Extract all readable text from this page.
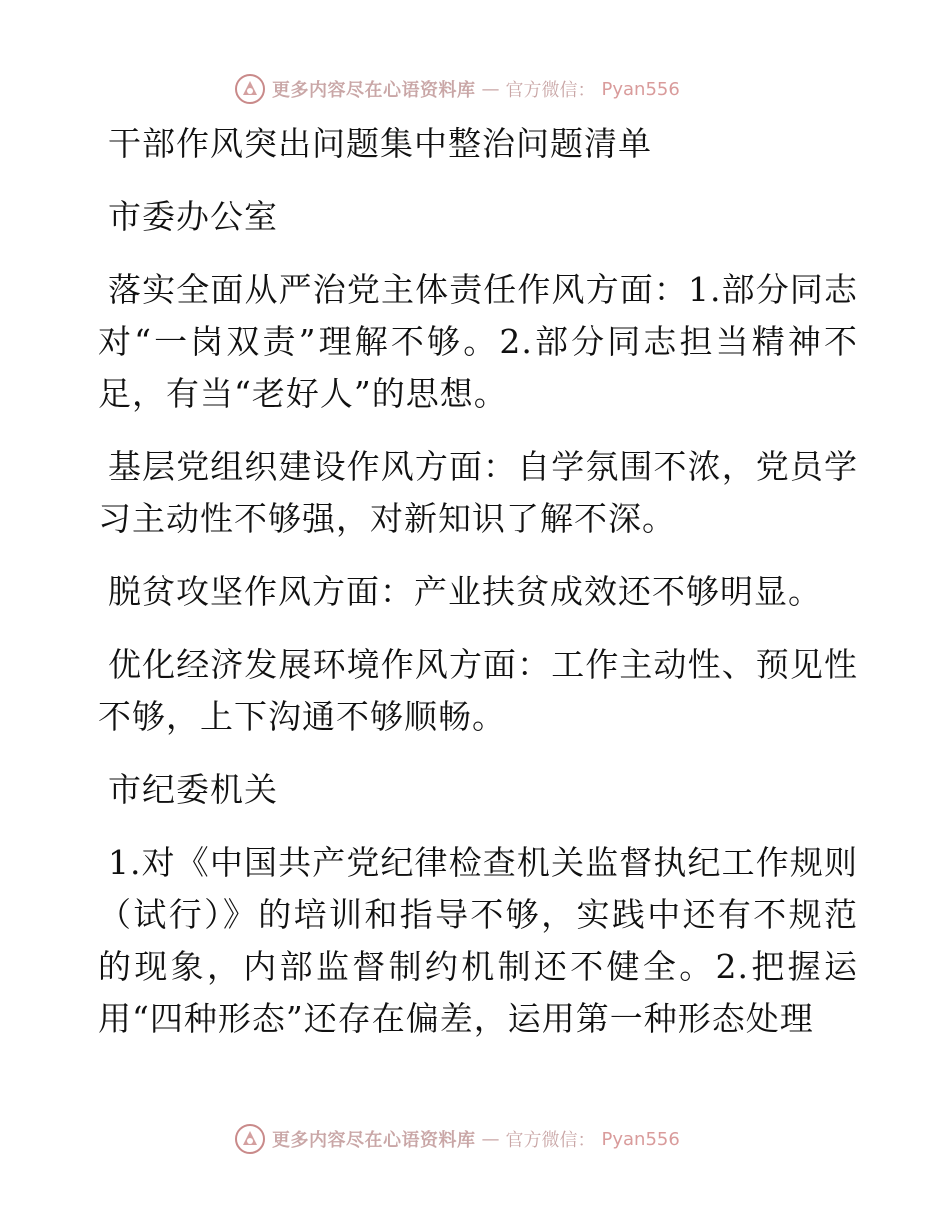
更多内容尽在心语资料库 — 官方微信： Pyan556

干部作风突出问题集中整治问题清单

市委办公室

落实全面从严治党主体责任作风方面：1.部分同志对“一岗双责”理解不够。2.部分同志担当精神不足，有当“老好人”的思想。

基层党组织建设作风方面：自学氛围不浓，党员学习主动性不够强，对新知识了解不深。

脱贫攻坚作风方面：产业扶贫成效还不够明显。

优化经济发展环境作风方面：工作主动性、预见性不够，上下沟通不够顺畅。

市纪委机关

1.对《中国共产党纪律检查机关监督执纪工作规则（试行）》的培训和指导不够，实践中还有不规范的现象，内部监督制约机制还不健全。2.把握运用“四种形态”还存在偏差，运用第一种形态处理

更多内容尽在心语资料库 — 官方微信： Pyan556
